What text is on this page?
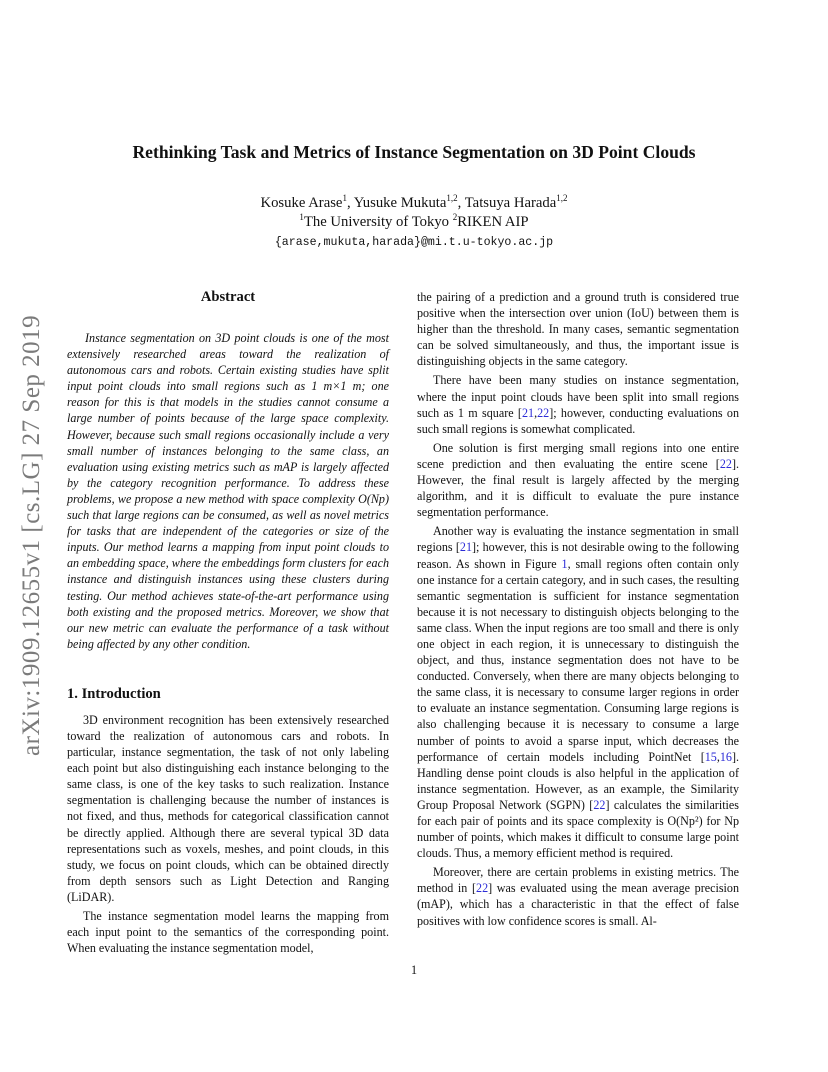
arXiv:1909.12655v1 [cs.LG] 27 Sep 2019
Rethinking Task and Metrics of Instance Segmentation on 3D Point Clouds
Kosuke Arase$^1$, Yusuke Mukuta$^{1,2}$, Tatsuya Harada$^{1,2}$
$^1$The University of Tokyo $^2$RIKEN AIP
{arase,mukuta,harada}@mi.t.u-tokyo.ac.jp
Abstract

Instance segmentation on 3D point clouds is one of the most extensively researched areas toward the realization of autonomous cars and robots. Certain existing studies have split input point clouds into small regions such as 1 m×1 m; one reason for this is that models in the studies cannot consume a large number of points because of the large space complexity. However, because such small regions occasionally include a very small number of instances belonging to the same class, an evaluation using existing metrics such as mAP is largely affected by the category recognition performance. To address these problems, we propose a new method with space complexity O(Np) such that large regions can be consumed, as well as novel metrics for tasks that are independent of the categories or size of the inputs. Our method learns a mapping from input point clouds to an embedding space, where the embeddings form clusters for each instance and distinguish instances using these clusters during testing. Our method achieves state-of-the-art performance using both existing and the proposed metrics. Moreover, we show that our new metric can evaluate the performance of a task without being affected by any other condition.

1. Introduction

3D environment recognition has been extensively researched toward the realization of autonomous cars and robots. In particular, instance segmentation, the task of not only labeling each point but also distinguishing each instance belonging to the same class, is one of the key tasks to such realization. Instance segmentation is challenging because the number of instances is not fixed, and thus, methods for categorical classification cannot be directly applied. Although there are several typical 3D data representations such as voxels, meshes, and point clouds, in this study, we focus on point clouds, which can be obtained directly from depth sensors such as Light Detection and Ranging (LiDAR).

The instance segmentation model learns the mapping from each input point to the semantics of the corresponding point. When evaluating the instance segmentation model,

the pairing of a prediction and a ground truth is considered true positive when the intersection over union (IoU) between them is higher than the threshold. In many cases, semantic segmentation can be solved simultaneously, and thus, the important issue is distinguishing objects in the same category.

There have been many studies on instance segmentation, where the input point clouds have been split into small regions such as 1 m square [21,22]; however, conducting evaluations on such small regions is somewhat complicated.

One solution is first merging small regions into one entire scene prediction and then evaluating the entire scene [22]. However, the final result is largely affected by the merging algorithm, and it is difficult to evaluate the pure instance segmentation performance.

Another way is evaluating the instance segmentation in small regions [21]; however, this is not desirable owing to the following reason. As shown in Figure 1, small regions often contain only one instance for a certain category, and in such cases, the resulting semantic segmentation is sufficient for instance segmentation because it is not necessary to distinguish objects belonging to the same class. When the input regions are too small and there is only one object in each region, it is unnecessary to distinguish the object, and thus, instance segmentation does not have to be conducted. Conversely, when there are many objects belonging to the same class, it is necessary to consume larger regions in order to evaluate an instance segmentation. Consuming large regions is also challenging because it is necessary to consume a large number of points to avoid a sparse input, which decreases the performance of certain models including PointNet [15,16]. Handling dense point clouds is also helpful in the application of instance segmentation. However, as an example, the Similarity Group Proposal Network (SGPN) [22] calculates the similarities for each pair of points and its space complexity is O(Np²) for Np number of points, which makes it difficult to consume large point clouds. Thus, a memory efficient method is required.

Moreover, there are certain problems in existing metrics. The method in [22] was evaluated using the mean average precision (mAP), which has a characteristic in that the effect of false positives with low confidence scores is small. Al-

1
